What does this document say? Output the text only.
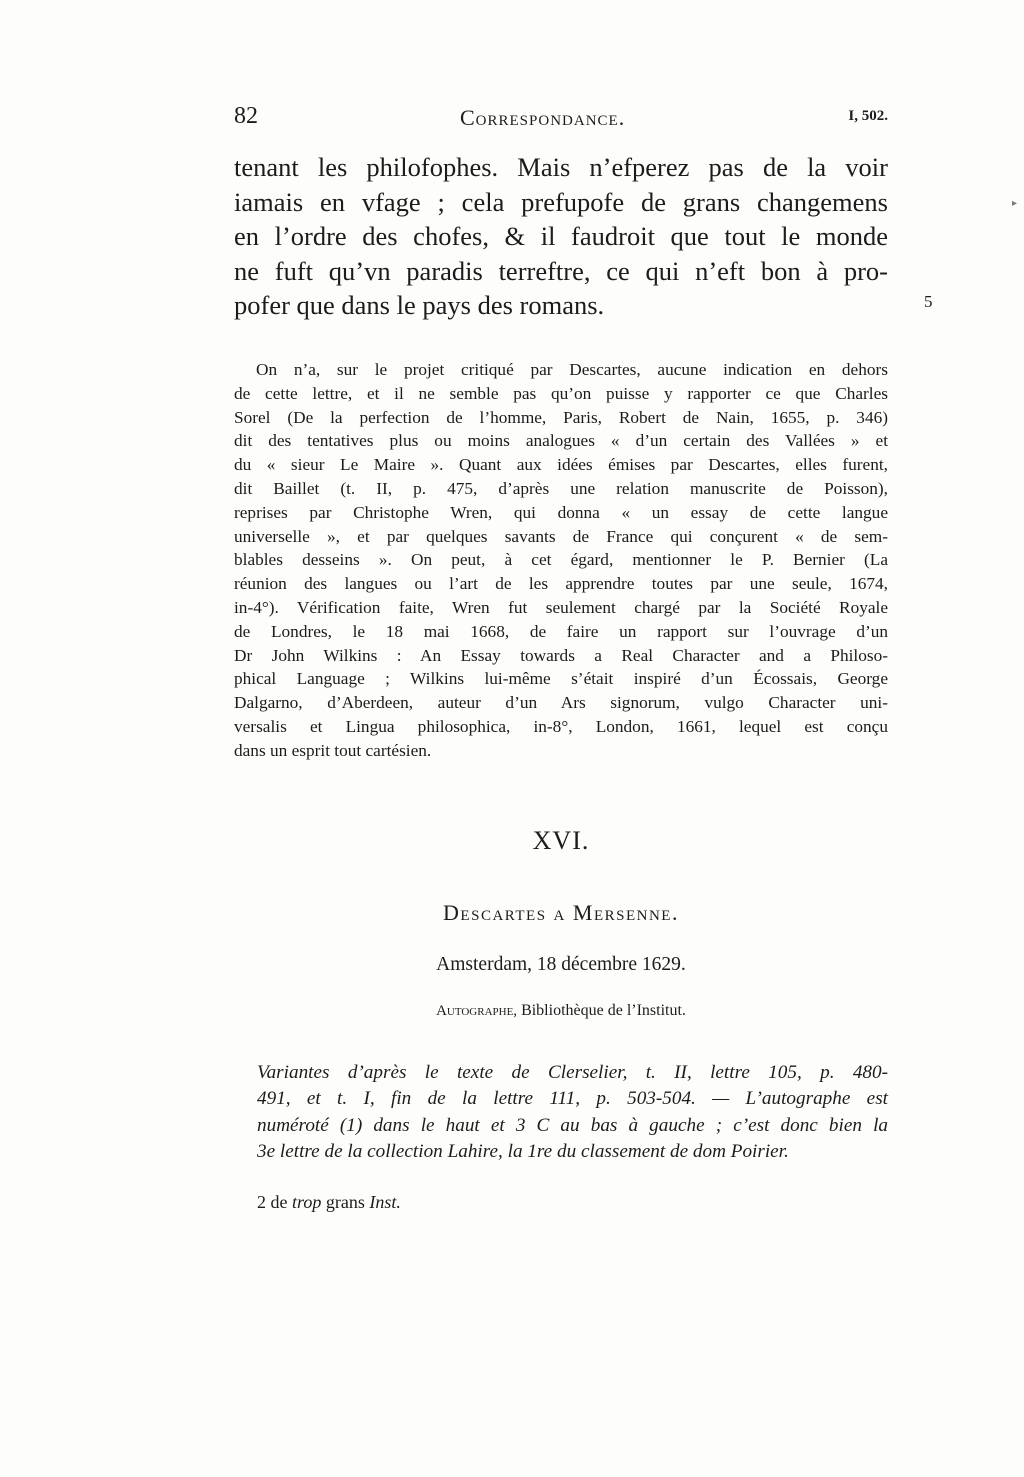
82	Correspondance.	I, 502.
tenant les philofophes. Mais n’efperez pas de la voir
iamais en vfage ; cela prefupofe de grans changemens
en l’ordre des chofes, & il faudroit que tout le monde
ne fuft qu’vn paradis terreftre, ce qui n’eft bon à pro-
pofer que dans le pays des romans.	5
▸
On n’a, sur le projet critiqué par Descartes, aucune indication en dehors
de cette lettre, et il ne semble pas qu’on puisse y rapporter ce que Charles
Sorel (De la perfection de l’homme, Paris, Robert de Nain, 1655, p. 346)
dit des tentatives plus ou moins analogues « d’un certain des Vallées » et
du « sieur Le Maire ». Quant aux idées émises par Descartes, elles furent,
dit Baillet (t. II, p. 475, d’après une relation manuscrite de Poisson),
reprises par Christophe Wren, qui donna « un essay de cette langue
universelle », et par quelques savants de France qui conçurent « de sem-
blables desseins ». On peut, à cet égard, mentionner le P. Bernier (La
réunion des langues ou l’art de les apprendre toutes par une seule, 1674,
in-4°). Vérification faite, Wren fut seulement chargé par la Société Royale
de Londres, le 18 mai 1668, de faire un rapport sur l’ouvrage d’un
Dr John Wilkins : An Essay towards a Real Character and a Philoso-
phical Language ; Wilkins lui-même s’était inspiré d’un Écossais, George
Dalgarno, d’Aberdeen, auteur d’un Ars signorum, vulgo Character uni-
versalis et Lingua philosophica, in-8°, London, 1661, lequel est conçu
dans un esprit tout cartésien.
XVI.
Descartes a Mersenne.
Amsterdam, 18 décembre 1629.
Autographe, Bibliothèque de l’Institut.
Variantes d’après le texte de Clerselier, t. II, lettre 105, p. 480-
491, et t. I, fin de la lettre 111, p. 503-504. — L’autographe est
numéroté (1) dans le haut et 3 C au bas à gauche ; c’est donc bien la
3e lettre de la collection Lahire, la 1re du classement de dom Poirier.
2 de trop grans Inst.
